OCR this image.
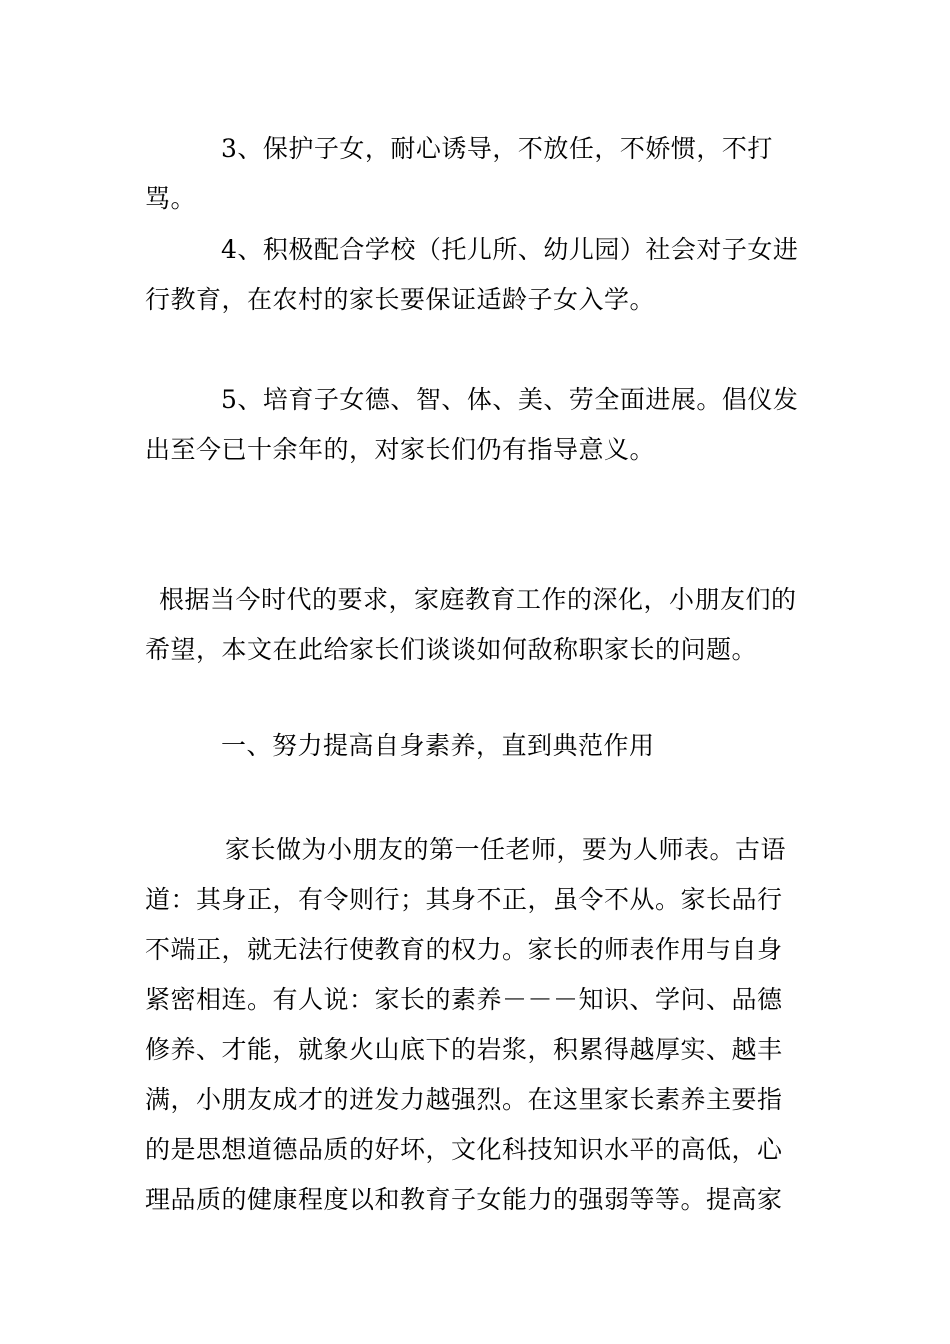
3、保护子女，耐心诱导，不放任，不娇惯，不打骂。

4、积极配合学校（托儿所、幼儿园）社会对子女进行教育，在农村的家长要保证适龄子女入学。

5、培育子女德、智、体、美、劳全面进展。倡仪发出至今已十余年的，对家长们仍有指导意义。

根据当今时代的要求，家庭教育工作的深化，小朋友们的希望，本文在此给家长们谈谈如何敌称职家长的问题。

一、努力提高自身素养，直到典范作用

家长做为小朋友的第一任老师，要为人师表。古语道：其身正，有令则行；其身不正，虽令不从。家长品行不端正，就无法行使教育的权力。家长的师表作用与自身紧密相连。有人说：家长的素养－－－知识、学问、品德修养、才能，就象火山底下的岩浆，积累得越厚实、越丰满，小朋友成才的迸发力越强烈。在这里家长素养主要指的是思想道德品质的好坏，文化科技知识水平的高低，心理品质的健康程度以和教育子女能力的强弱等等。提高家
